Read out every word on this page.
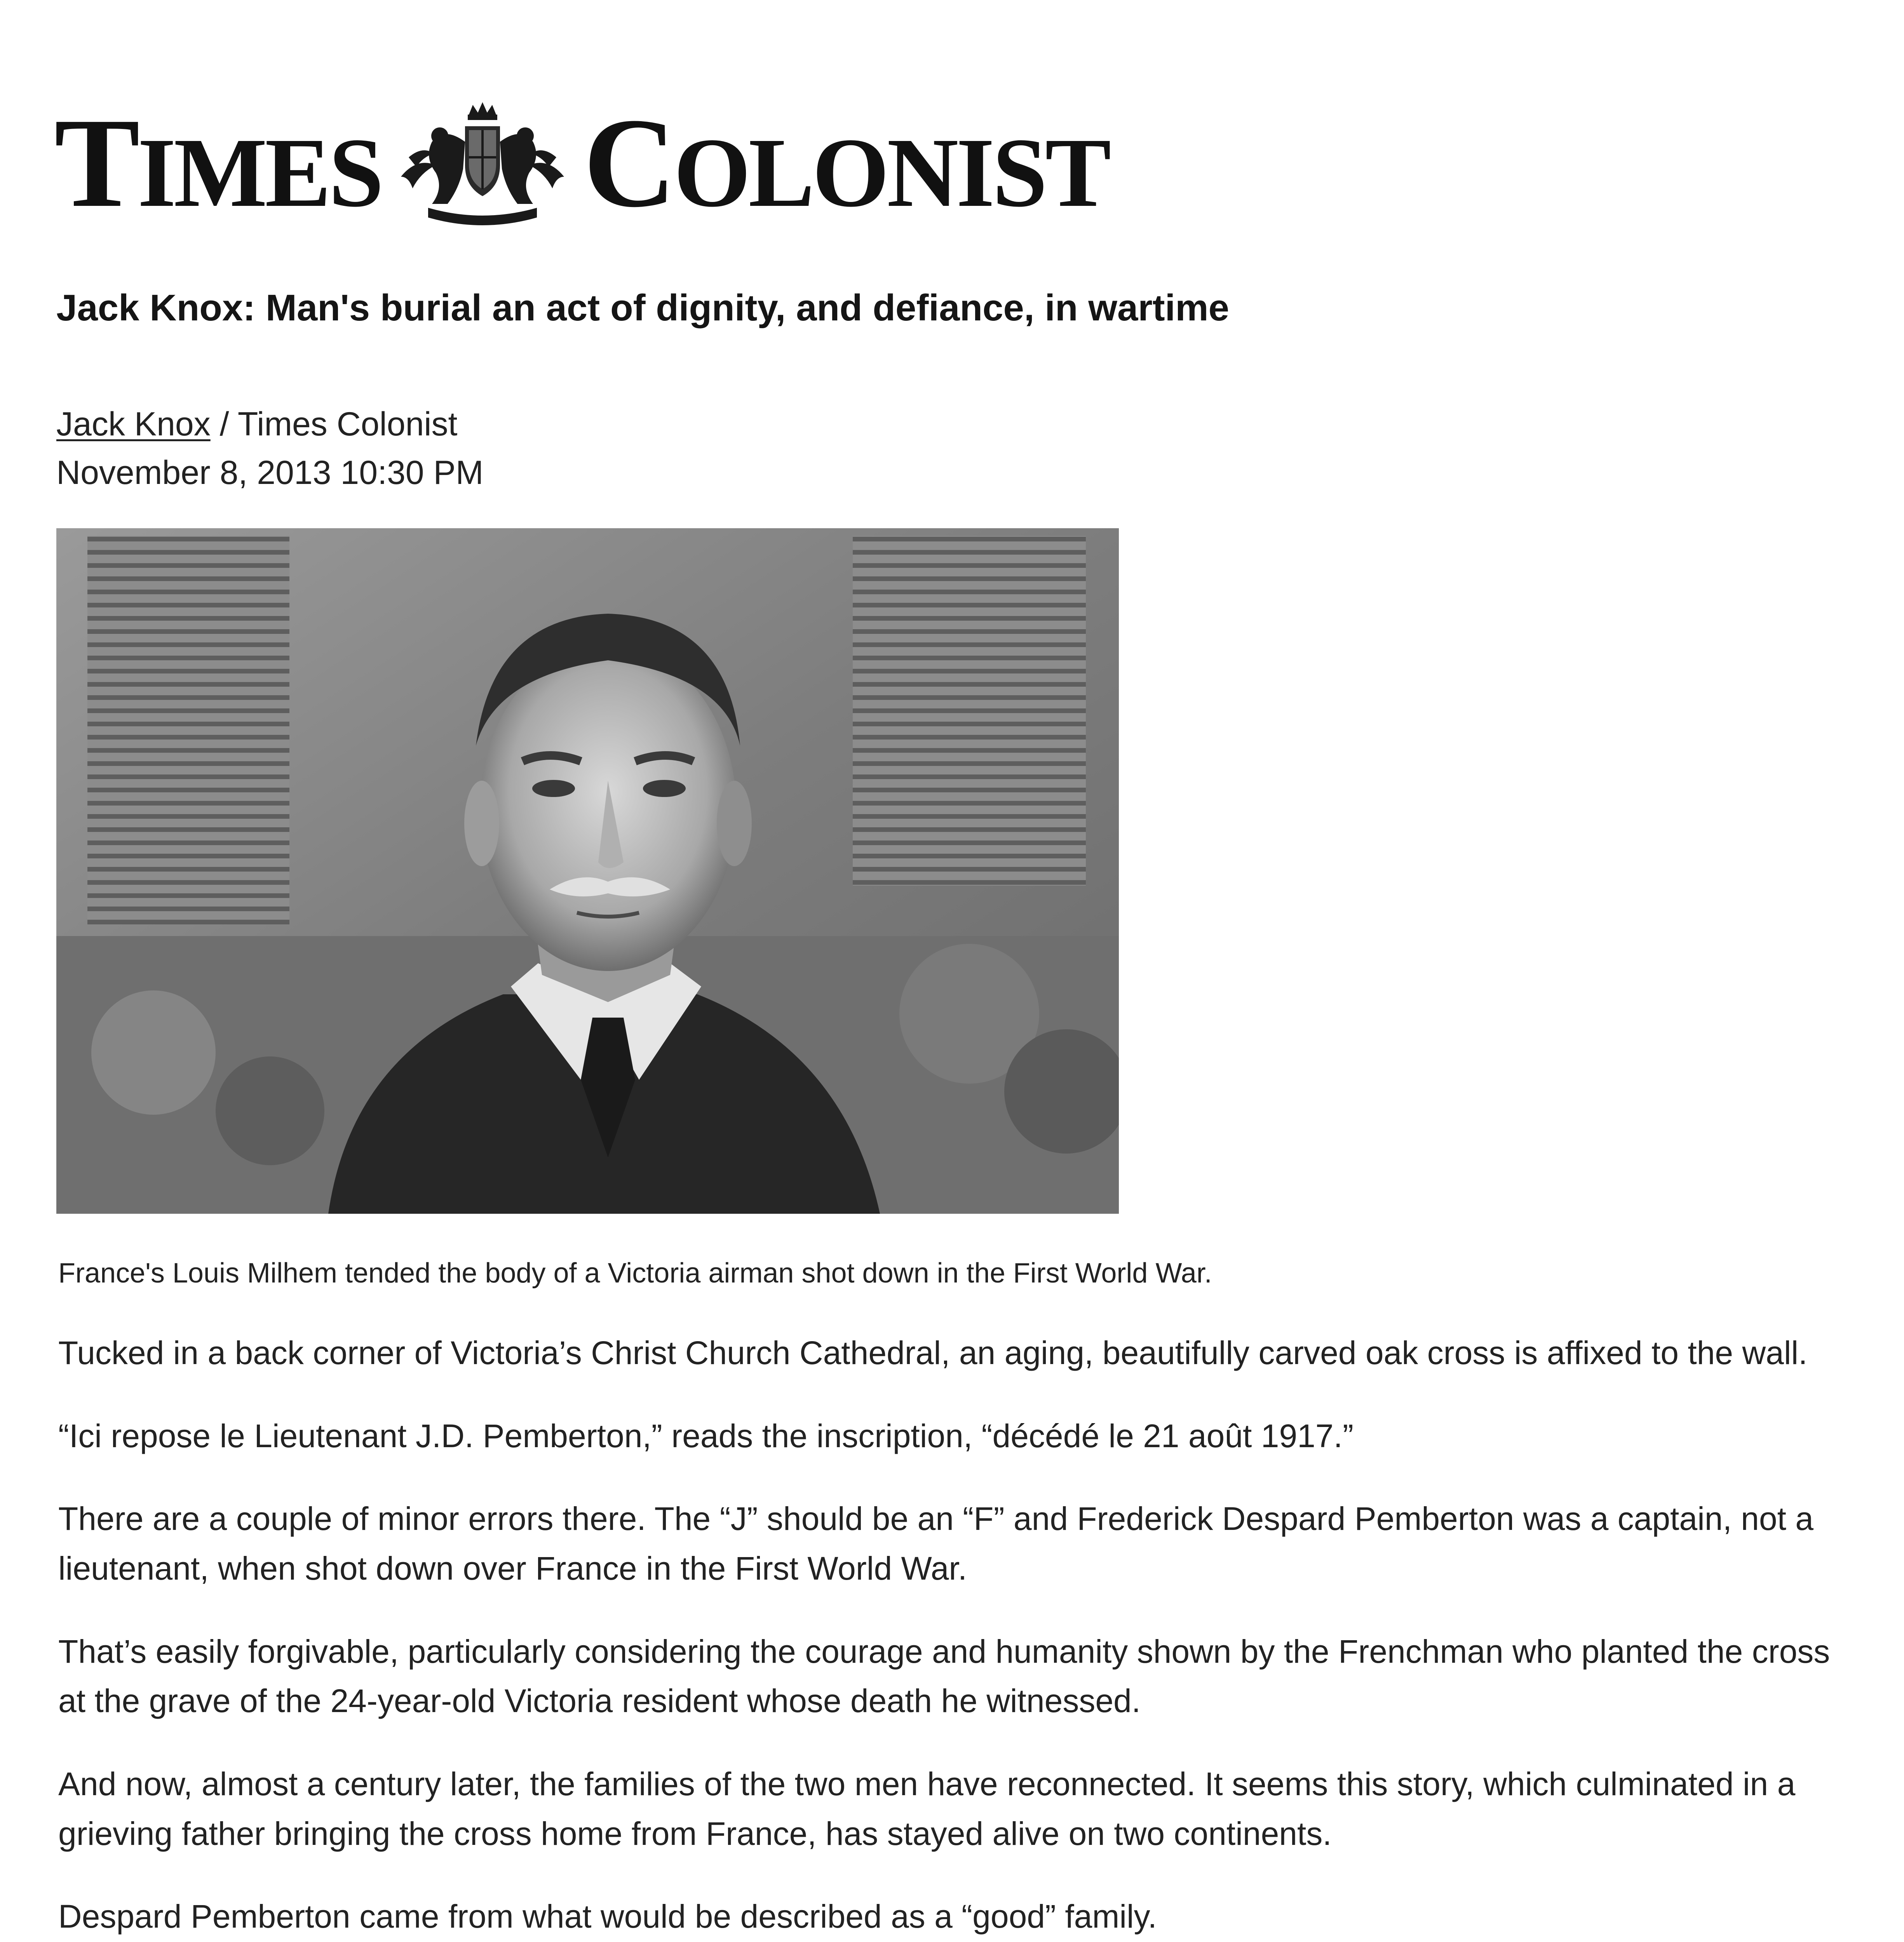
TIMES COLONIST
Jack Knox: Man's burial an act of dignity, and defiance, in wartime
Jack Knox / Times Colonist
November 8, 2013 10:30 PM

France's Louis Milhem tended the body of a Victoria airman shot down in the First World War.

Tucked in a back corner of Victoria’s Christ Church Cathedral, an aging, beautifully carved oak cross is affixed to the wall.

“Ici repose le Lieutenant J.D. Pemberton,” reads the inscription, “décédé le 21 août 1917.”

There are a couple of minor errors there. The “J” should be an “F” and Frederick Despard Pemberton was a captain, not a lieutenant, when shot down over France in the First World War.

That’s easily forgivable, particularly considering the courage and humanity shown by the Frenchman who planted the cross at the grave of the 24-year-old Victoria resident whose death he witnessed.

And now, almost a century later, the families of the two men have reconnected. It seems this story, which culminated in a grieving father bringing the cross home from France, has stayed alive on two continents.

Despard Pemberton came from what would be described as a “good” family.
